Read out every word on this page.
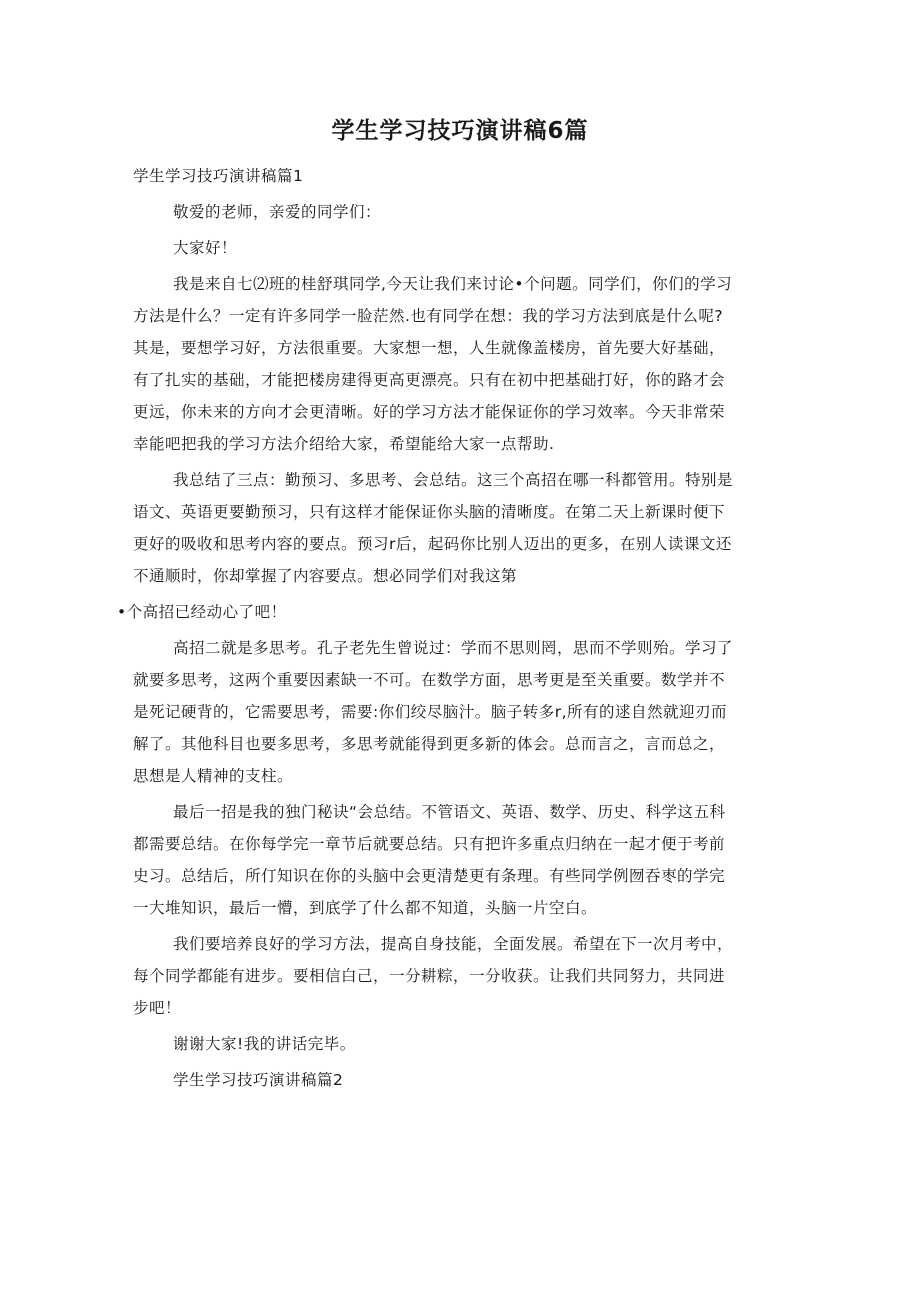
学生学习技巧演讲稿6篇
学生学习技巧演讲稿篇1
敬爱的老师，亲爱的同学们：
大家好！
我是来自七⑵班的桂舒琪同学,今天让我们来讨论•个问题。同学们，你们的学习
方法是什么？一定有许多同学一脸茫然.也有同学在想：我的学习方法到底是什么呢?
其是，要想学习好，方法很重要。大家想一想，人生就像盖楼房，首先要大好基础，
有了扎实的基础，才能把楼房建得更高更漂亮。只有在初中把基础打好，你的路才会
更远，你未来的方向才会更清晰。好的学习方法才能保证你的学习效率。今天非常荣
幸能吧把我的学习方法介绍给大家，希望能给大家一点帮助.
我总结了三点：勤预习、多思考、会总结。这三个高招在哪一科都管用。特别是
语文、英语更要勤预习，只有这样才能保证你头脑的清晰度。在第二天上新课时便下
更好的吸收和思考内容的要点。预习r后，起码你比别人迈出的更多，在别人读课文还
不通顺时，你却掌握了内容要点。想必同学们对我这第
•个高招已经动心了吧！
高招二就是多思考。孔子老先生曾说过：学而不思则罔，思而不学则殆。学习了
就要多思考，这两个重要因素缺一不可。在数学方面，思考更是至关重要。数学并不
是死记硬背的，它需要思考，需要:你们绞尽脑汁。脑子转多r,所有的逑自然就迎刃而
解了。其他科目也要多思考，多思考就能得到更多新的体会。总而言之，言而总之，
思想是人精神的支柱。
最后一招是我的独门秘诀“会总结。不管语文、英语、数学、历史、科学这五科
都需要总结。在你每学完一章节后就要总结。只有把许多重点归纳在一起才便于考前
史习。总结后，所仃知识在你的头脑中会更清楚更有条理。有些同学例囫吞枣的学完
一大堆知识，最后一懵，到底学了什么都不知道，头脑一片空白。
我们要培养良好的学习方法，提高自身技能，全面发展。希望在下一次月考中，
每个同学都能有进步。要相信白己，一分耕粽，一分收获。让我们共同努力，共同进
步吧！
谢谢大家!我的讲话完毕。
学生学习技巧演讲稿篇2
